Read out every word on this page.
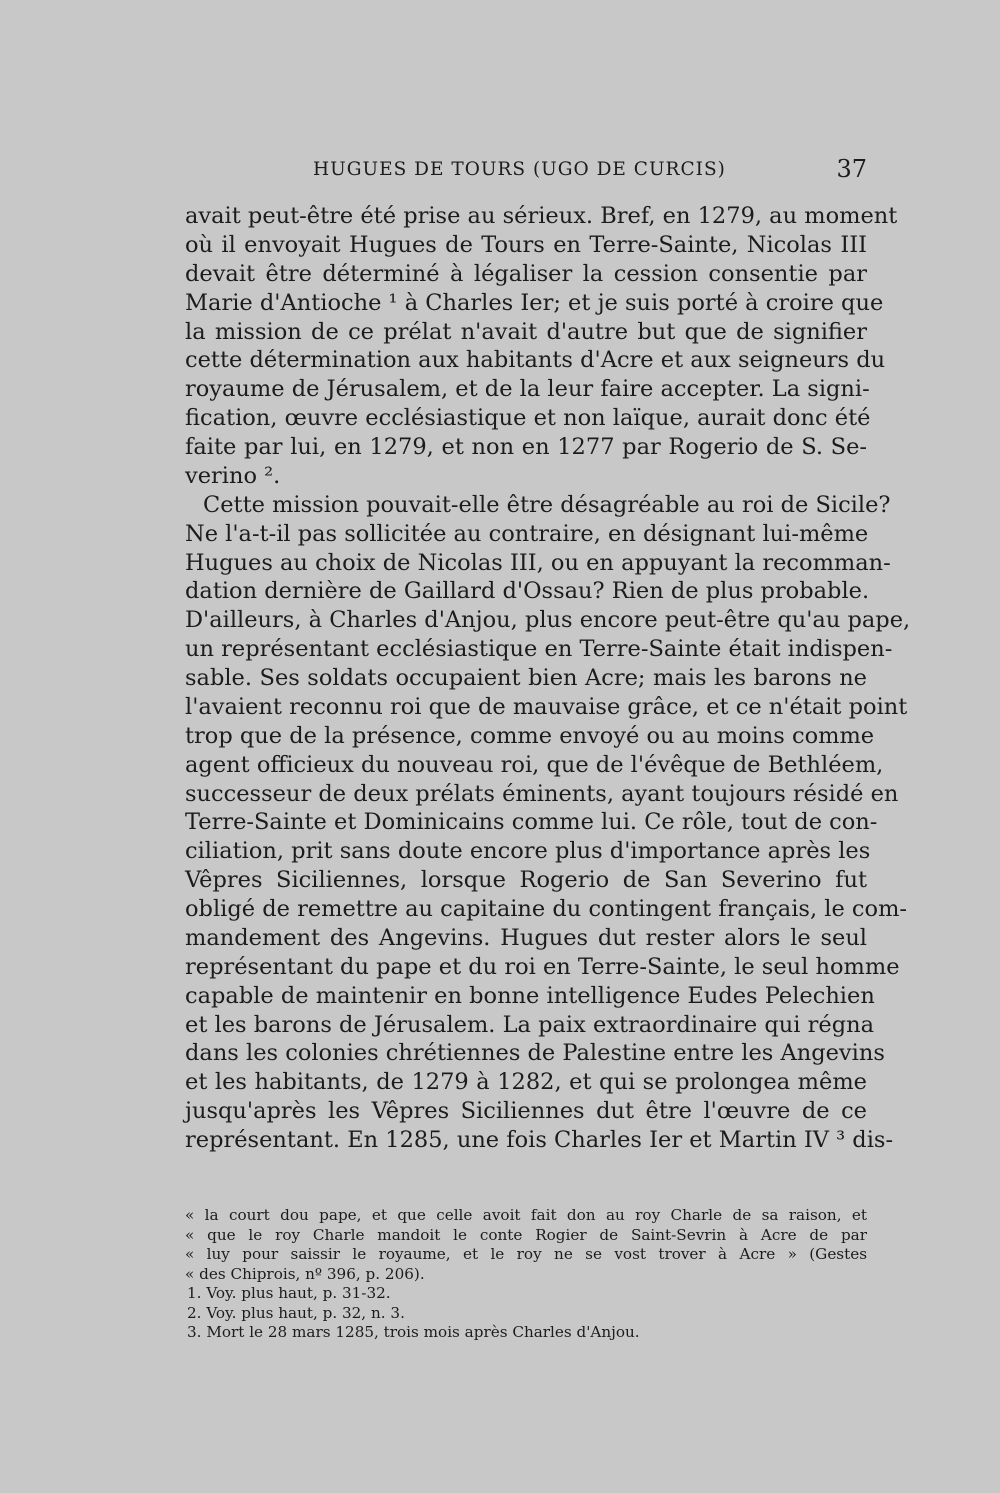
HUGUES DE TOURS (UGO DE CURCIS)	37
avait peut-être été prise au sérieux. Bref, en 1279, au moment
où il envoyait Hugues de Tours en Terre-Sainte, Nicolas III
devait être déterminé à légaliser la cession consentie par
Marie d'Antioche ¹ à Charles Ier; et je suis porté à croire que
la mission de ce prélat n'avait d'autre but que de signifier
cette détermination aux habitants d'Acre et aux seigneurs du
royaume de Jérusalem, et de la leur faire accepter. La signi-
fication, œuvre ecclésiastique et non laïque, aurait donc été
faite par lui, en 1279, et non en 1277 par Rogerio de S. Se-
verino ².
Cette mission pouvait-elle être désagréable au roi de Sicile?
Ne l'a-t-il pas sollicitée au contraire, en désignant lui-même
Hugues au choix de Nicolas III, ou en appuyant la recomman-
dation dernière de Gaillard d'Ossau? Rien de plus probable.
D'ailleurs, à Charles d'Anjou, plus encore peut-être qu'au pape,
un représentant ecclésiastique en Terre-Sainte était indispen-
sable. Ses soldats occupaient bien Acre; mais les barons ne
l'avaient reconnu roi que de mauvaise grâce, et ce n'était point
trop que de la présence, comme envoyé ou au moins comme
agent officieux du nouveau roi, que de l'évêque de Bethléem,
successeur de deux prélats éminents, ayant toujours résidé en
Terre-Sainte et Dominicains comme lui. Ce rôle, tout de con-
ciliation, prit sans doute encore plus d'importance après les
Vêpres Siciliennes, lorsque Rogerio de San Severino fut
obligé de remettre au capitaine du contingent français, le com-
mandement des Angevins. Hugues dut rester alors le seul
représentant du pape et du roi en Terre-Sainte, le seul homme
capable de maintenir en bonne intelligence Eudes Pelechien
et les barons de Jérusalem. La paix extraordinaire qui régna
dans les colonies chrétiennes de Palestine entre les Angevins
et les habitants, de 1279 à 1282, et qui se prolongea même
jusqu'après les Vêpres Siciliennes dut être l'œuvre de ce
représentant. En 1285, une fois Charles Ier et Martin IV ³ dis-
« la court dou pape, et que celle avoit fait don au roy Charle de sa raison, et
« que le roy Charle mandoit le conte Rogier de Saint-Sevrin à Acre de par
« luy pour saissir le royaume, et le roy ne se vost trover à Acre » (Gestes
« des Chiprois, nº 396, p. 206).
1. Voy. plus haut, p. 31-32.
2. Voy. plus haut, p. 32, n. 3.
3. Mort le 28 mars 1285, trois mois après Charles d'Anjou.
